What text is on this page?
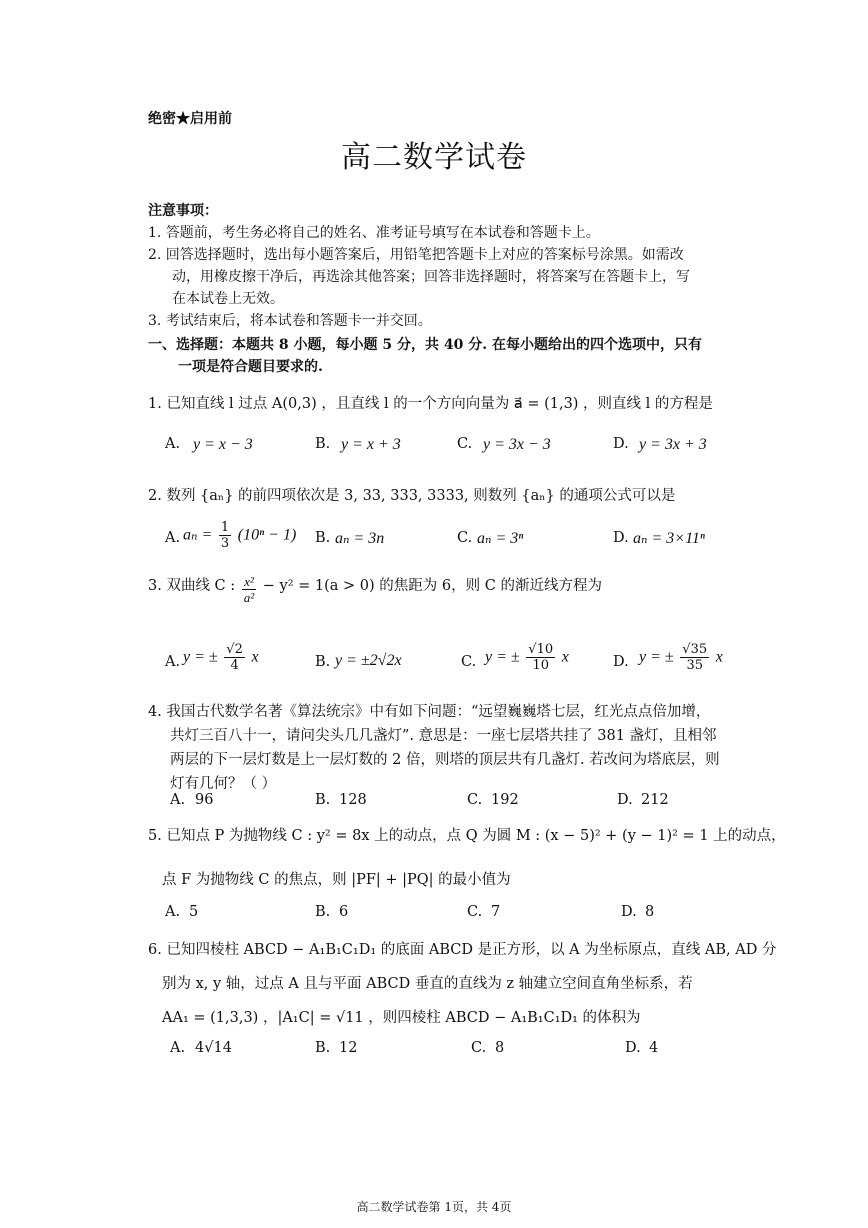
绝密★启用前
高二数学试卷
注意事项：
1. 答题前，考生务必将自己的姓名、准考证号填写在本试卷和答题卡上。
2. 回答选择题时，选出每小题答案后，用铅笔把答题卡上对应的答案标号涂黑。如需改
动，用橡皮擦干净后，再选涂其他答案；回答非选择题时，将答案写在答题卡上，写
在本试卷上无效。
3. 考试结束后，将本试卷和答题卡一并交回。
一、选择题：本题共 8 小题，每小题 5 分，共 40 分. 在每小题给出的四个选项中，只有
一项是符合题目要求的.
1. 已知直线 l 过点 A(0,3) ，且直线 l 的一个方向向量为 a⃗ = (1,3) ，则直线 l 的方程是
A. y = x − 3	B. y = x + 3	C. y = 3x − 3	D. y = 3x + 3
2. 数列 {aₙ} 的前四项依次是 3, 33, 333, 3333, 则数列 {aₙ} 的通项公式可以是
A. $a_n = \frac{1}{3} (10^n - 1)$ B. aₙ = 3n	C. aₙ = 3ⁿ	D. aₙ = 3×11ⁿ
3. 双曲线 C : $\frac{\text{x²}}{\text{a²}} - y^2 = 1(a > 0)$ 的焦距为 6，则 C 的渐近线方程为
A. y = ± $\frac{√2}{4}$ x	B. y = ±2√2x	C. y = ± $\frac{√10}{10}$ x	D. y = ± $\frac{√35}{35}$ x
4. 我国古代数学名著《算法统宗》中有如下问题：“远望巍巍塔七层，红光点点倍加增，
共灯三百八十一，请问尖头几几盏灯”. 意思是：一座七层塔共挂了 381 盏灯，且相邻
两层的下一层灯数是上一层灯数的 2 倍，则塔的顶层共有几盏灯. 若改问为塔底层，则
灯有几何？（ ）
A. 96	B. 128	C. 192	D. 212
5. 已知点 P 为抛物线 C : y² = 8x 上的动点，点 Q 为圆 M : (x − 5)² + (y − 1)² = 1 上的动点，
点 F 为抛物线 C 的焦点，则 |PF| + |PQ| 的最小值为
A. 5	B. 6	C. 7	D. 8
6. 已知四棱柱 ABCD − A₁B₁C₁D₁ 的底面 ABCD 是正方形，以 A 为坐标原点，直线 AB, AD 分
别为 x, y 轴，过点 A 且与平面 ABCD 垂直的直线为 z 轴建立空间直角坐标系，若
AA₁ = (1,3,3) ，|A₁C| = √11 ，则四棱柱 ABCD − A₁B₁C₁D₁ 的体积为
A. 4√14	B. 12	C. 8	D. 4
高二数学试卷第 1页，共 4页
